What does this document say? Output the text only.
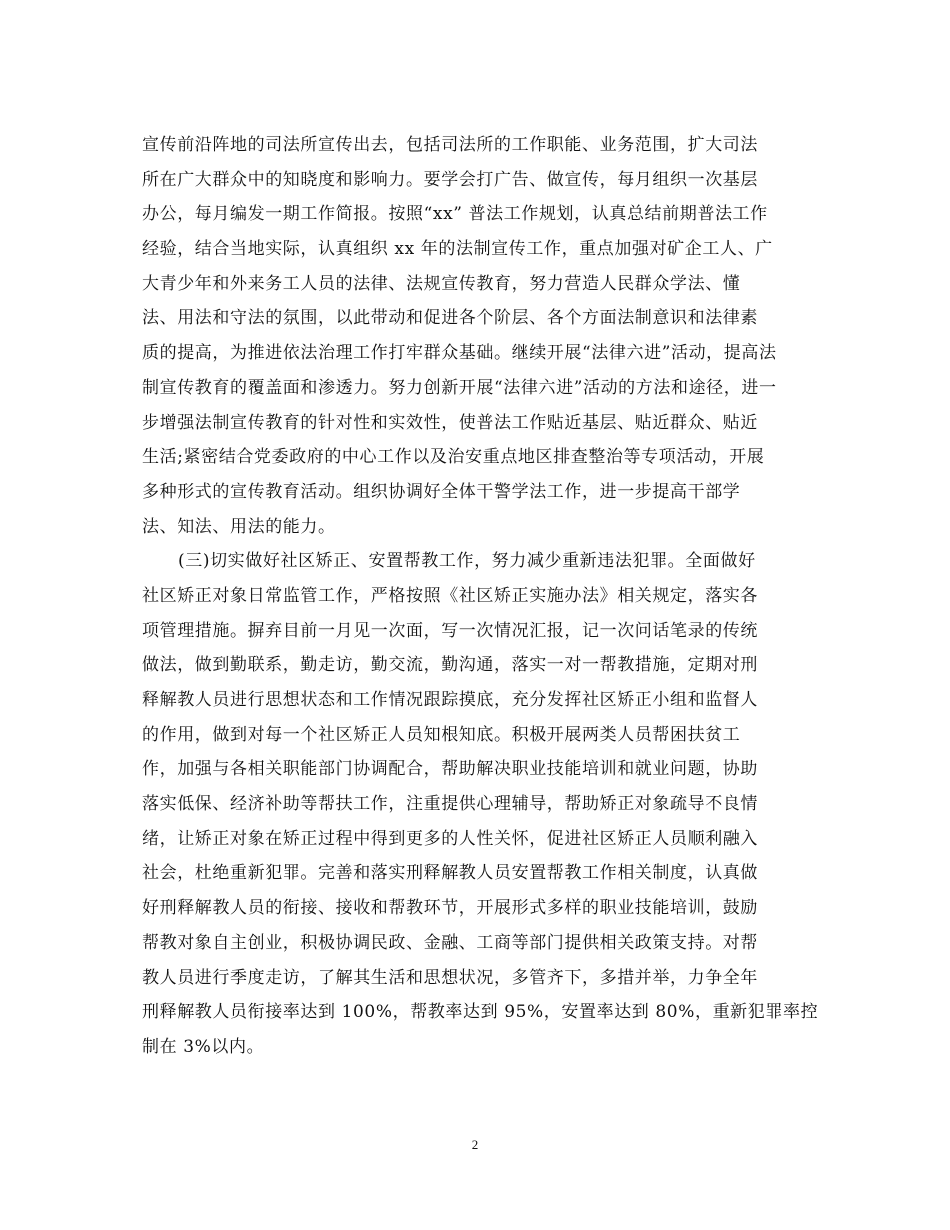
宣传前沿阵地的司法所宣传出去，包括司法所的工作职能、业务范围，扩大司法
所在广大群众中的知晓度和影响力。要学会打广告、做宣传，每月组织一次基层
办公，每月编发一期工作简报。按照“xx” 普法工作规划，认真总结前期普法工作
经验，结合当地实际，认真组织 xx 年的法制宣传工作，重点加强对矿企工人、广
大青少年和外来务工人员的法律、法规宣传教育，努力营造人民群众学法、懂
法、用法和守法的氛围，以此带动和促进各个阶层、各个方面法制意识和法律素
质的提高，为推进依法治理工作打牢群众基础。继续开展“法律六进”活动，提高法
制宣传教育的覆盖面和渗透力。努力创新开展“法律六进”活动的方法和途径，进一
步增强法制宣传教育的针对性和实效性，使普法工作贴近基层、贴近群众、贴近
生活;紧密结合党委政府的中心工作以及治安重点地区排查整治等专项活动，开展
多种形式的宣传教育活动。组织协调好全体干警学法工作，进一步提高干部学
法、知法、用法的能力。
(三)切实做好社区矫正、安置帮教工作，努力减少重新违法犯罪。全面做好
社区矫正对象日常监管工作，严格按照《社区矫正实施办法》相关规定，落实各
项管理措施。摒弃目前一月见一次面，写一次情况汇报，记一次问话笔录的传统
做法，做到勤联系，勤走访，勤交流，勤沟通，落实一对一帮教措施，定期对刑
释解教人员进行思想状态和工作情况跟踪摸底，充分发挥社区矫正小组和监督人
的作用，做到对每一个社区矫正人员知根知底。积极开展两类人员帮困扶贫工
作，加强与各相关职能部门协调配合，帮助解决职业技能培训和就业问题，协助
落实低保、经济补助等帮扶工作，注重提供心理辅导，帮助矫正对象疏导不良情
绪，让矫正对象在矫正过程中得到更多的人性关怀，促进社区矫正人员顺利融入
社会，杜绝重新犯罪。完善和落实刑释解教人员安置帮教工作相关制度，认真做
好刑释解教人员的衔接、接收和帮教环节，开展形式多样的职业技能培训，鼓励
帮教对象自主创业，积极协调民政、金融、工商等部门提供相关政策支持。对帮
教人员进行季度走访，了解其生活和思想状况，多管齐下，多措并举，力争全年
刑释解教人员衔接率达到 100%，帮教率达到 95%，安置率达到 80%，重新犯罪率控
制在 3%以内。
2
